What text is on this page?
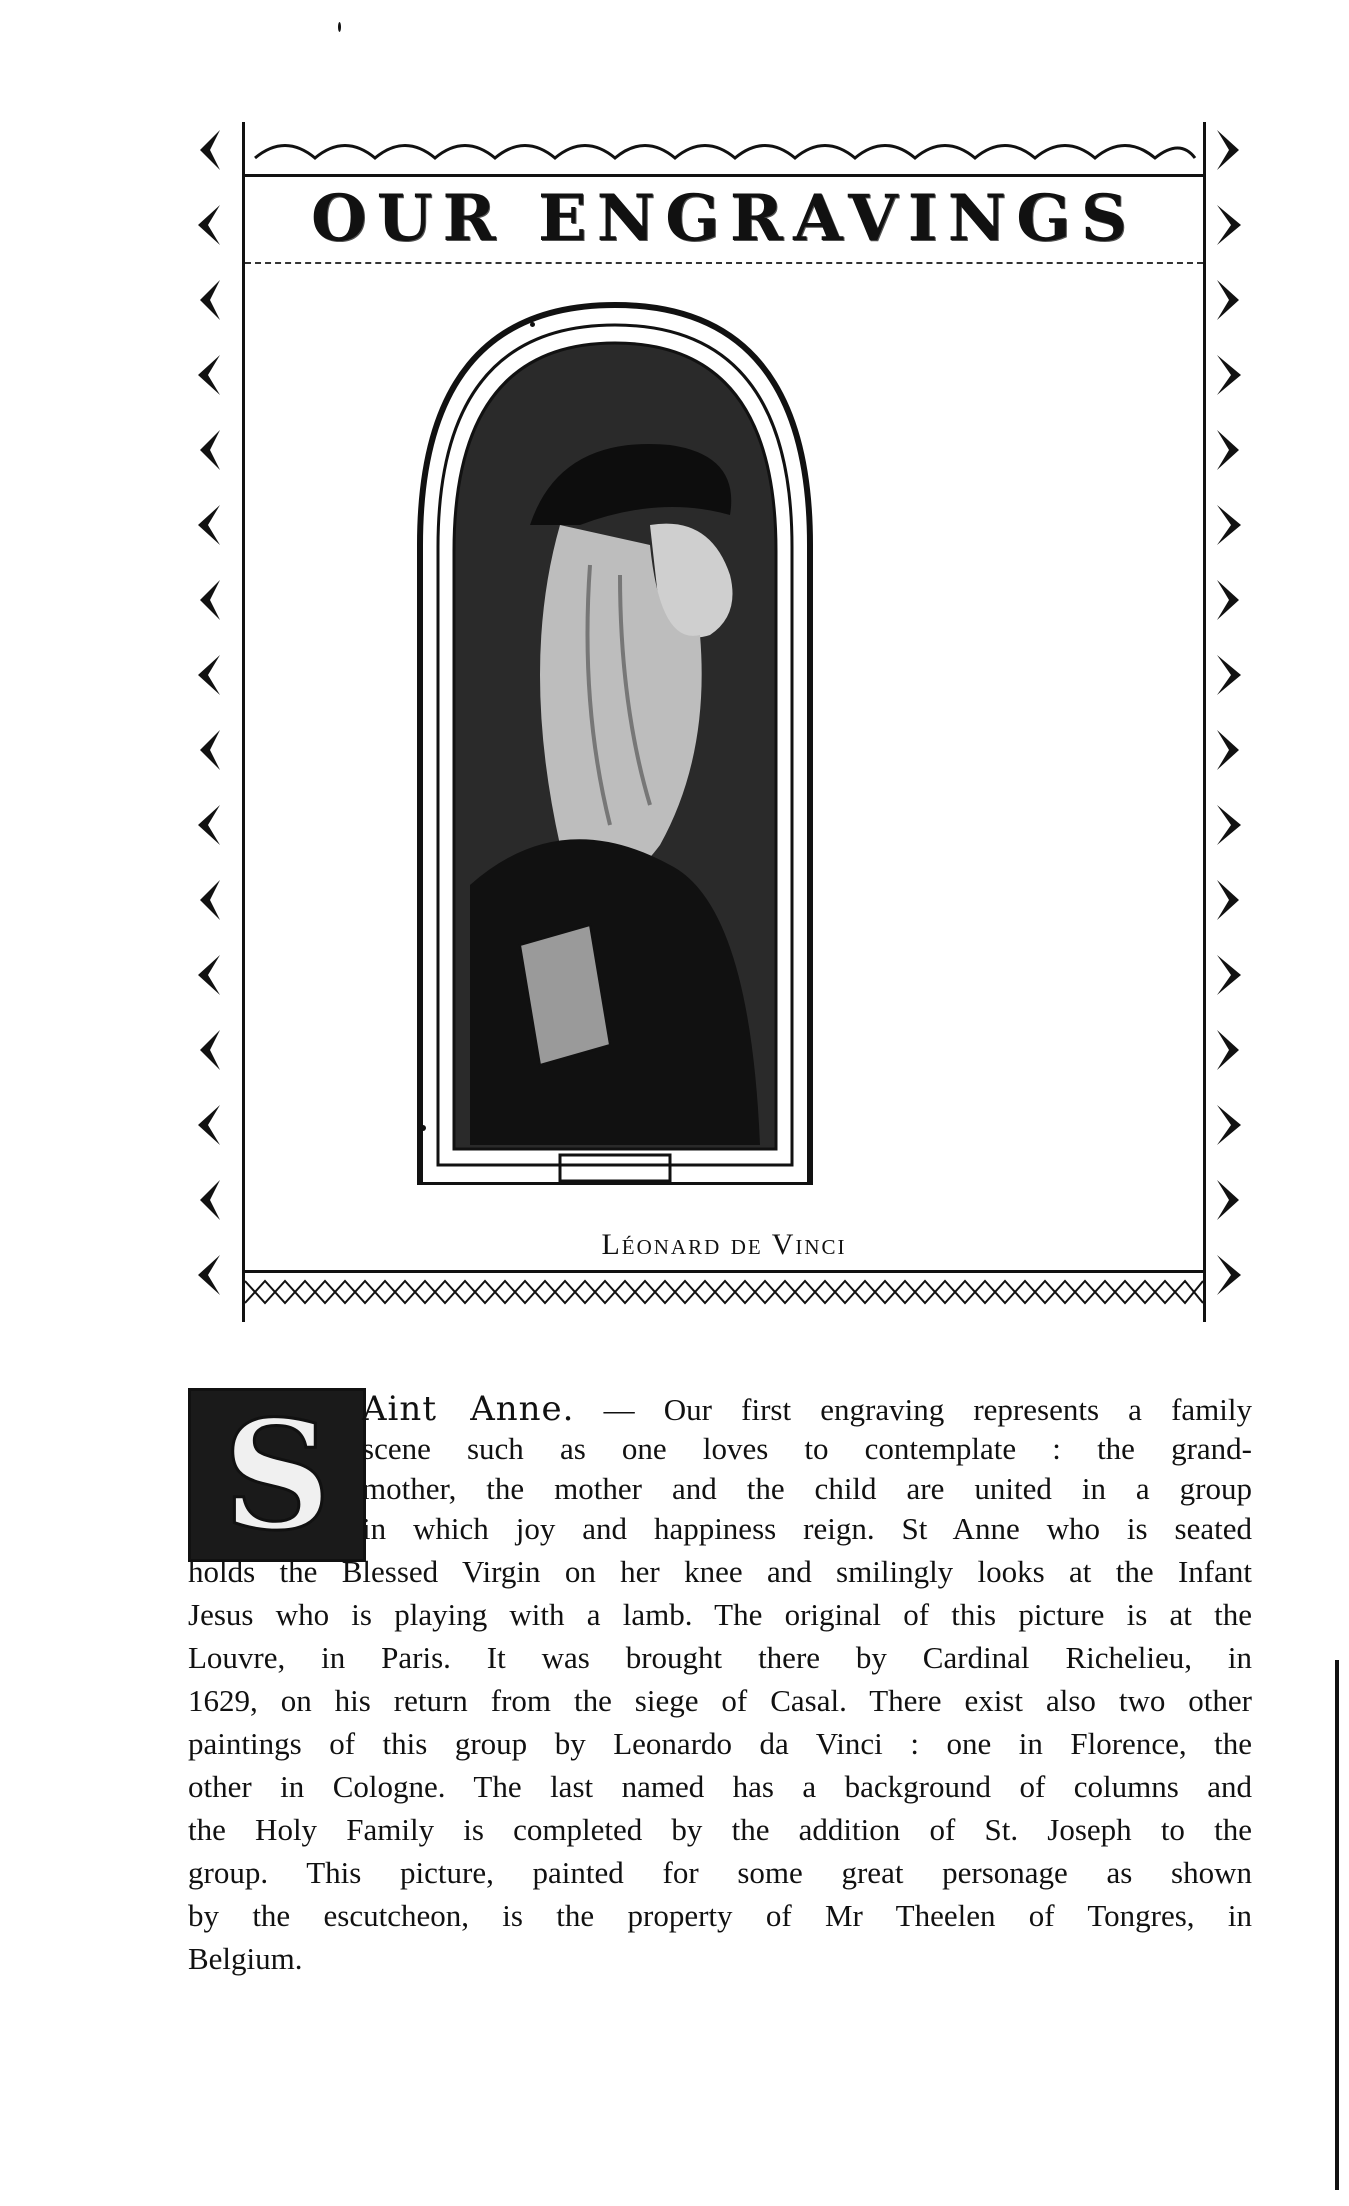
OUR ENGRAVINGS
Léonard de Vinci
S Aint Anne. — Our first engraving represents a family
scene such as one loves to contemplate : the grand-
mother, the mother and the child are united in a group
in which joy and happiness reign. St Anne who is seated
holds the Blessed Virgin on her knee and smilingly looks at the Infant
Jesus who is playing with a lamb. The original of this picture is at the
Louvre, in Paris. It was brought there by Cardinal Richelieu, in
1629, on his return from the siege of Casal. There exist also two other
paintings of this group by Leonardo da Vinci : one in Florence, the
other in Cologne. The last named has a background of columns and
the Holy Family is completed by the addition of St. Joseph to the
group. This picture, painted for some great personage as shown
by the escutcheon, is the property of Mr Theelen of Tongres, in
Belgium.
